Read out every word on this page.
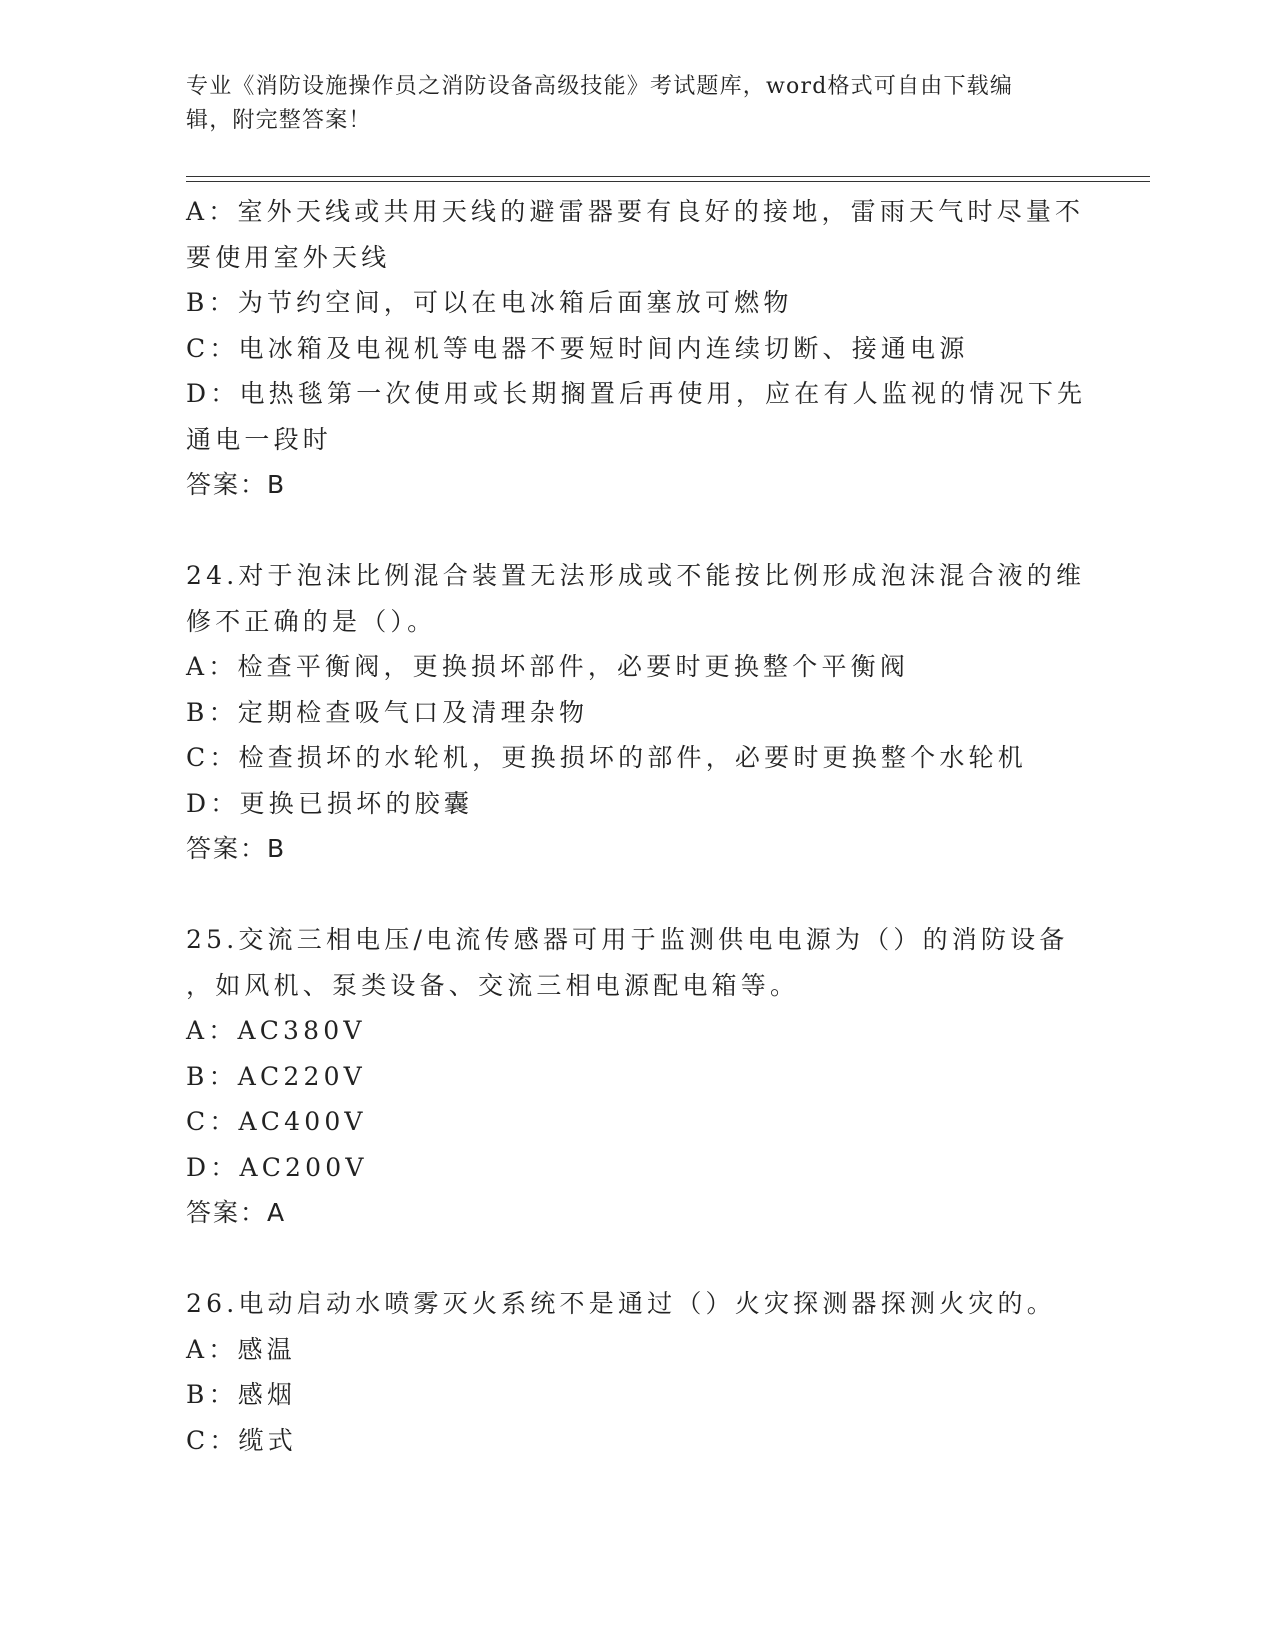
专业《消防设施操作员之消防设备高级技能》考试题库，word格式可自由下载编
辑，附完整答案！

A：室外天线或共用天线的避雷器要有良好的接地，雷雨天气时尽量不

要使用室外天线

B：为节约空间，可以在电冰箱后面塞放可燃物

C：电冰箱及电视机等电器不要短时间内连续切断、接通电源

D：电热毯第一次使用或长期搁置后再使用，应在有人监视的情况下先

通电一段时

答案：B

24.对于泡沫比例混合装置无法形成或不能按比例形成泡沫混合液的维

修不正确的是（）。

A：检查平衡阀，更换损坏部件，必要时更换整个平衡阀

B：定期检查吸气口及清理杂物

C：检查损坏的水轮机，更换损坏的部件，必要时更换整个水轮机

D：更换已损坏的胶囊

答案：B

25.交流三相电压/电流传感器可用于监测供电电源为（）的消防设备

，如风机、泵类设备、交流三相电源配电箱等。

A：AC380V

B：AC220V

C：AC400V

D：AC200V

答案：A

26.电动启动水喷雾灭火系统不是通过（）火灾探测器探测火灾的。

A：感温

B：感烟

C：缆式
